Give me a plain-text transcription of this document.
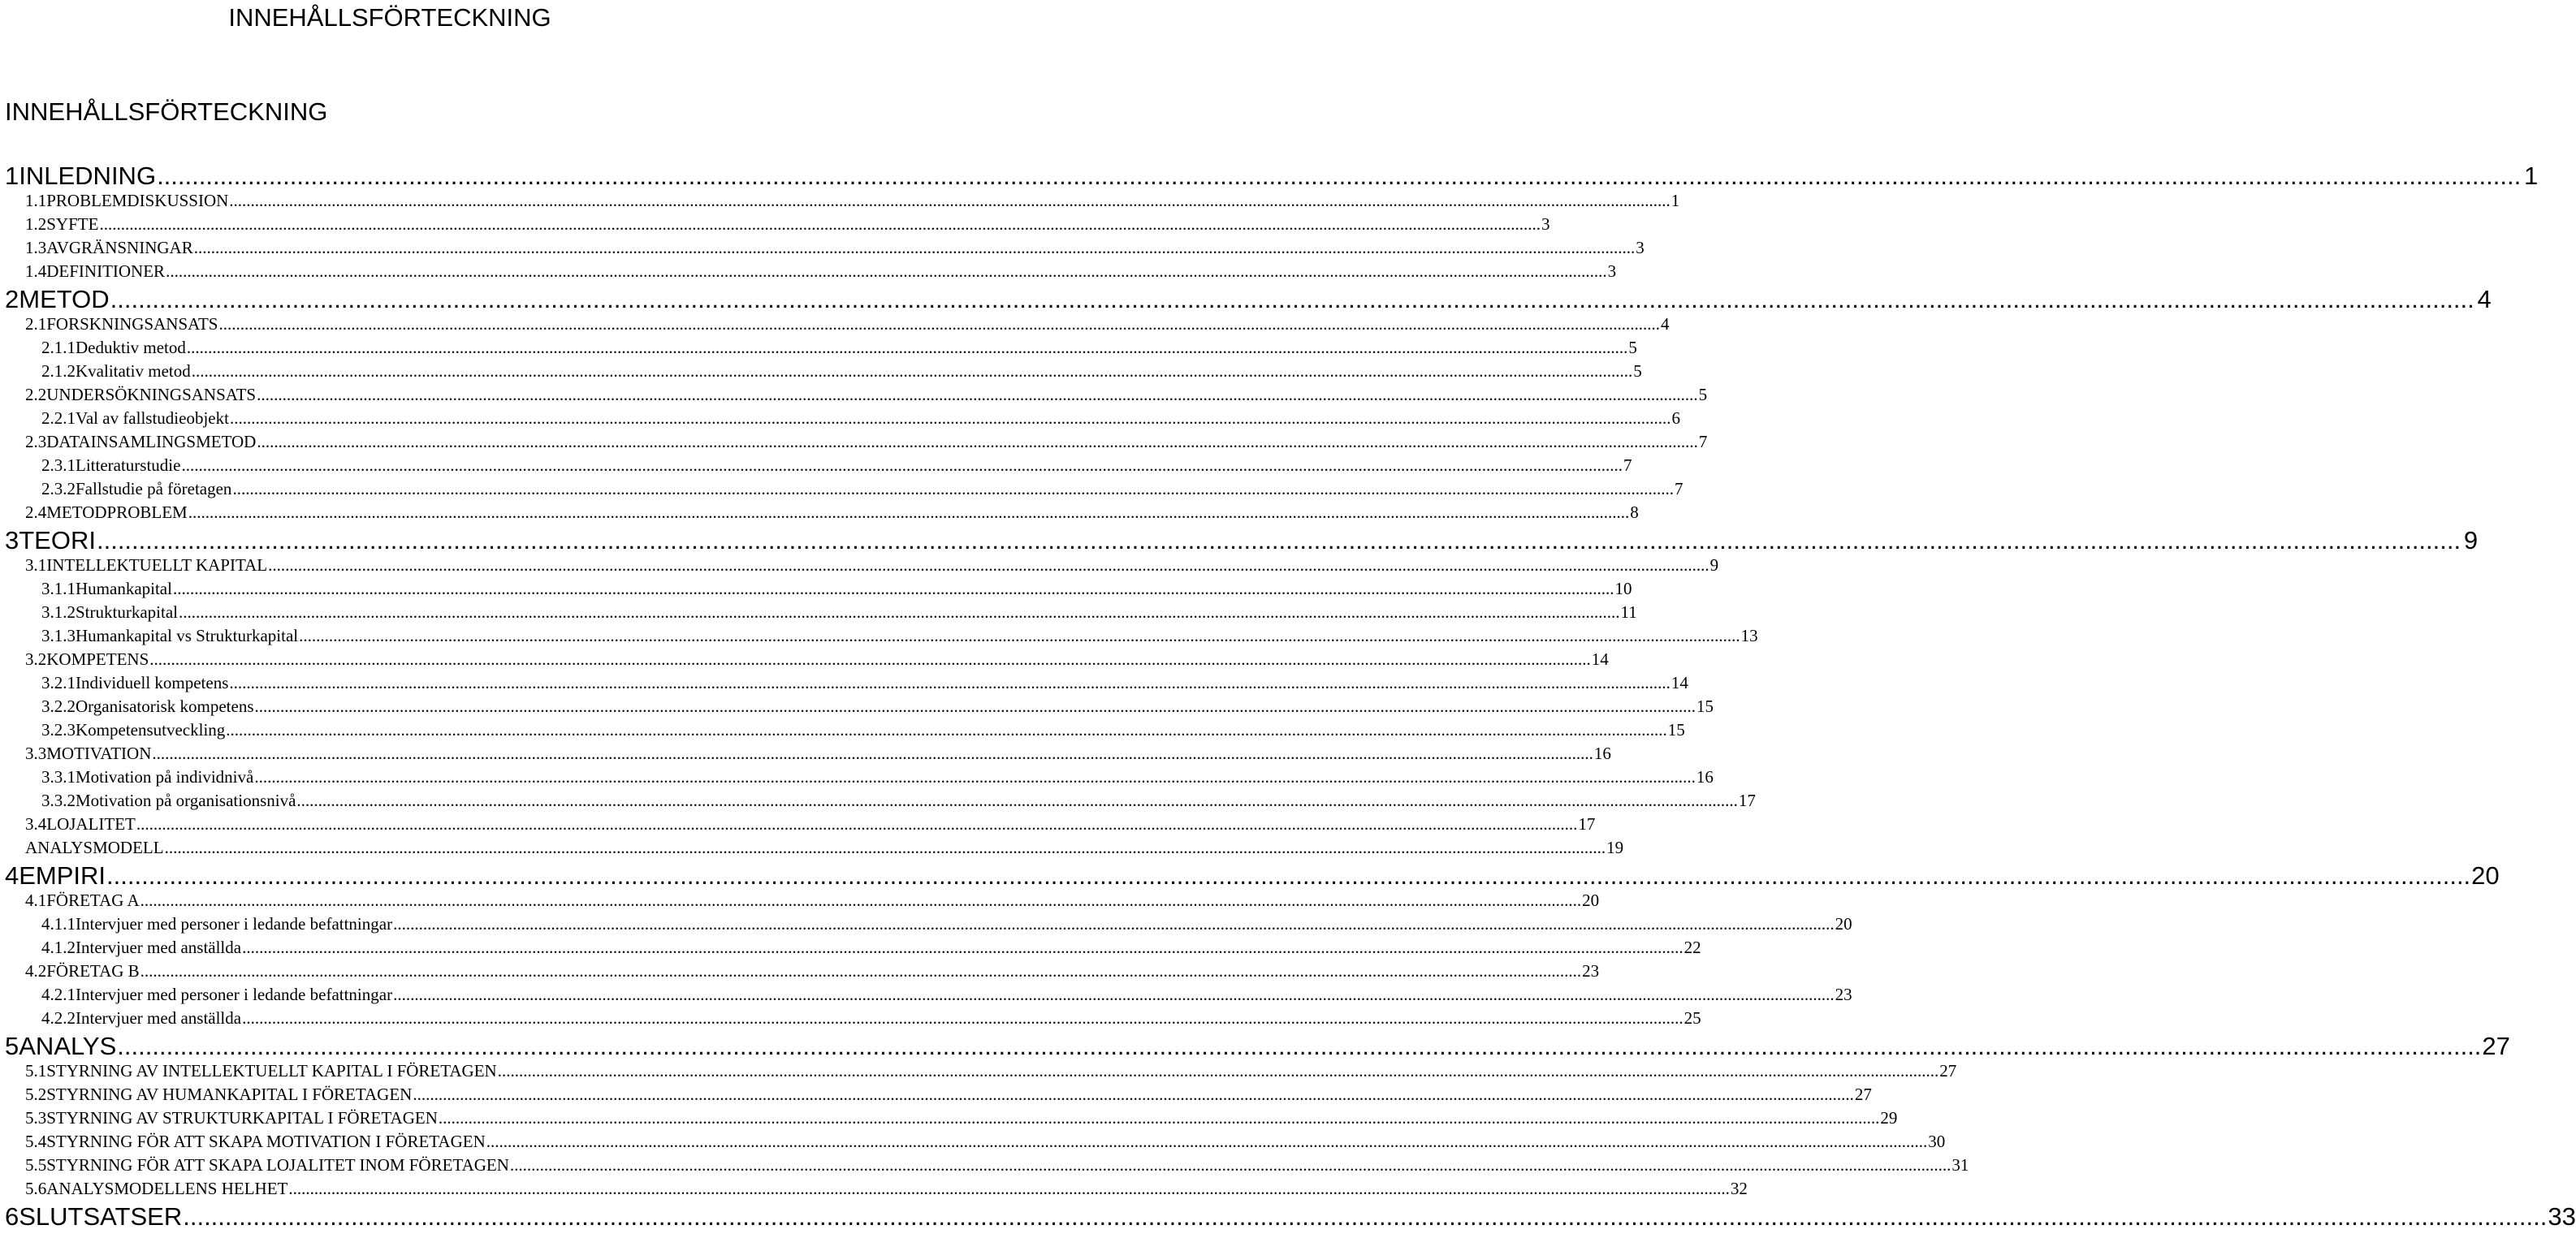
INNEHÅLLSFÖRTECKNING
INNEHÅLLSFÖRTECKNING
1 INLEDNING .....	1
1.1 PROBLEMDISKUSSION .....	1
1.2 SYFTE .....	3
1.3 AVGRÄNSNINGAR .....	3
1.4 DEFINITIONER .....	3
2 METOD .....	4
2.1 FORSKNINGSANSATS .....	4
2.1.1 Deduktiv metod .....	5
2.1.2 Kvalitativ metod .....	5
2.2 UNDERSÖKNINGSANSATS .....	5
2.2.1 Val av fallstudieobjekt .....	6
2.3 DATAINSAMLINGSMETOD .....	7
2.3.1 Litteraturstudie .....	7
2.3.2 Fallstudie på företagen .....	7
2.4 METODPROBLEM .....	8
3 TEORI .....	9
3.1 INTELLEKTUELLT KAPITAL .....	9
3.1.1 Humankapital .....	10
3.1.2 Strukturkapital .....	11
3.1.3 Humankapital vs Strukturkapital .....	13
3.2 KOMPETENS .....	14
3.2.1 Individuell kompetens .....	14
3.2.2 Organisatorisk kompetens .....	15
3.2.3 Kompetensutveckling .....	15
3.3 MOTIVATION .....	16
3.3.1 Motivation på individnivå .....	16
3.3.2 Motivation på organisationsnivå .....	17
3.4 LOJALITET .....	17
ANALYSMODELL .....	19
4 EMPIRI .....	20
4.1 FÖRETAG A .....	20
4.1.1 Intervjuer med personer i ledande befattningar .....	20
4.1.2 Intervjuer med anställda .....	22
4.2 FÖRETAG B .....	23
4.2.1 Intervjuer med personer i ledande befattningar .....	23
4.2.2 Intervjuer med anställda .....	25
5 ANALYS .....	27
5.1 STYRNING AV INTELLEKTUELLT KAPITAL I FÖRETAGEN .....	27
5.2 STYRNING AV HUMANKAPITAL I FÖRETAGEN .....	27
5.3 STYRNING AV STRUKTURKAPITAL I FÖRETAGEN .....	29
5.4 STYRNING FÖR ATT SKAPA MOTIVATION I FÖRETAGEN .....	30
5.5 STYRNING FÖR ATT SKAPA LOJALITET INOM FÖRETAGEN .....	31
5.6 ANALYSMODELLENS HELHET .....	32
6 SLUTSATSER .....	33
